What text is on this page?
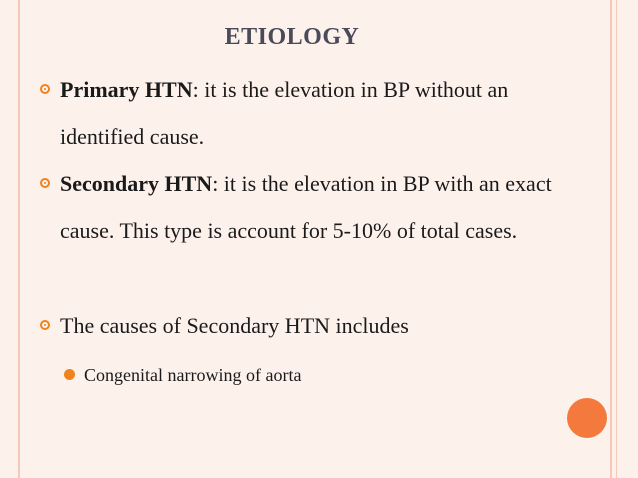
ETIOLOGY
Primary HTN: it is the elevation in BP without an identified cause.
Secondary HTN: it is the elevation in BP with an exact cause. This type is account for 5-10% of total cases.
The causes of Secondary HTN includes
Congenital narrowing of aorta
